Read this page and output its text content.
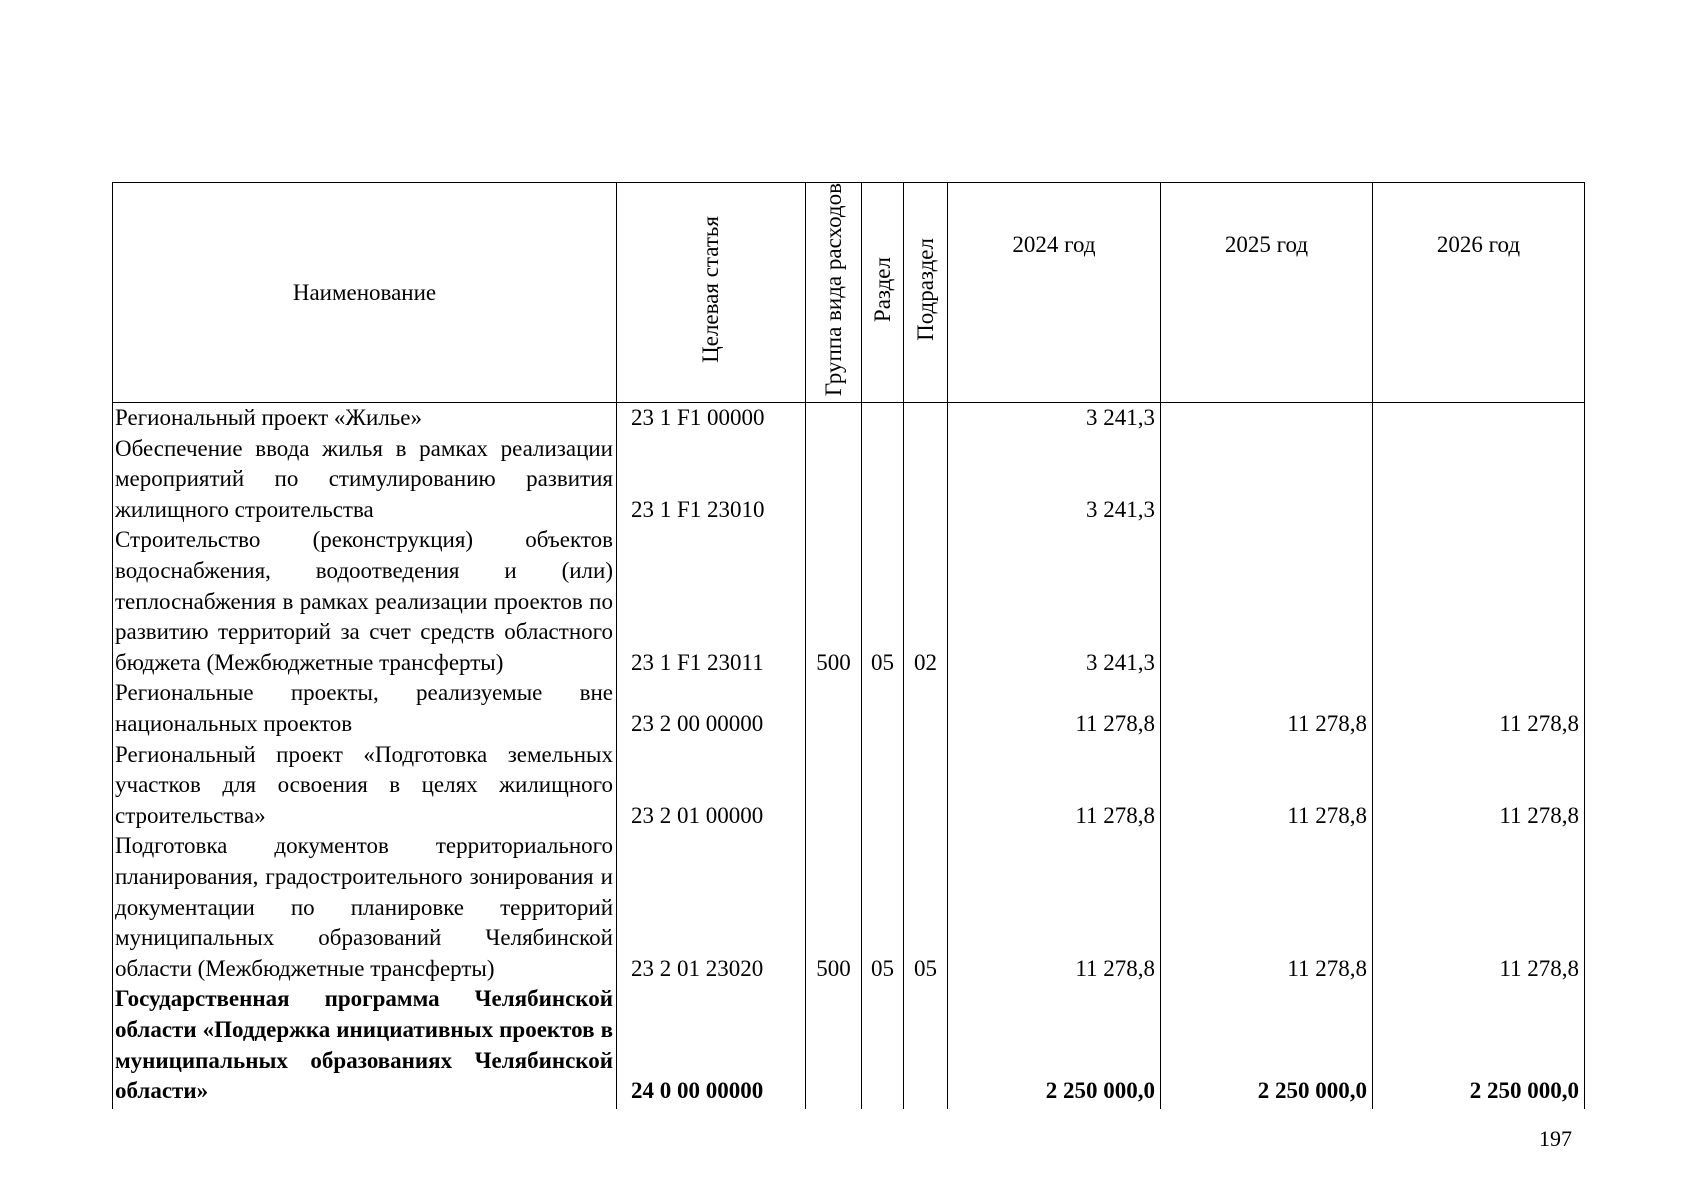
Наименование	Целевая статья	Группа вида расходов	Раздел	Подраздел	2024 год	2025 год	2026 год
Региональный проект «Жилье»	23 1 F1 00000				3 241,3		
Обеспечение ввода жилья в рамках реализации мероприятий по стимулированию развития жилищного строительства	23 1 F1 23010				3 241,3		
Строительство (реконструкция) объектов водоснабжения, водоотведения и (или) теплоснабжения в рамках реализации проектов по развитию территорий за счет средств областного бюджета (Межбюджетные трансферты)	23 1 F1 23011	500	05	02	3 241,3		
Региональные проекты, реализуемые вне национальных проектов	23 2 00 00000				11 278,8	11 278,8	11 278,8
Региональный проект «Подготовка земельных участков для освоения в целях жилищного строительства»	23 2 01 00000				11 278,8	11 278,8	11 278,8
Подготовка документов территориального планирования, градостроительного зонирования и документации по планировке территорий муниципальных образований Челябинской области (Межбюджетные трансферты)	23 2 01 23020	500	05	05	11 278,8	11 278,8	11 278,8
Государственная программа Челябинской области «Поддержка инициативных проектов в муниципальных образованиях Челябинской области»	24 0 00 00000				2 250 000,0	2 250 000,0	2 250 000,0
197
